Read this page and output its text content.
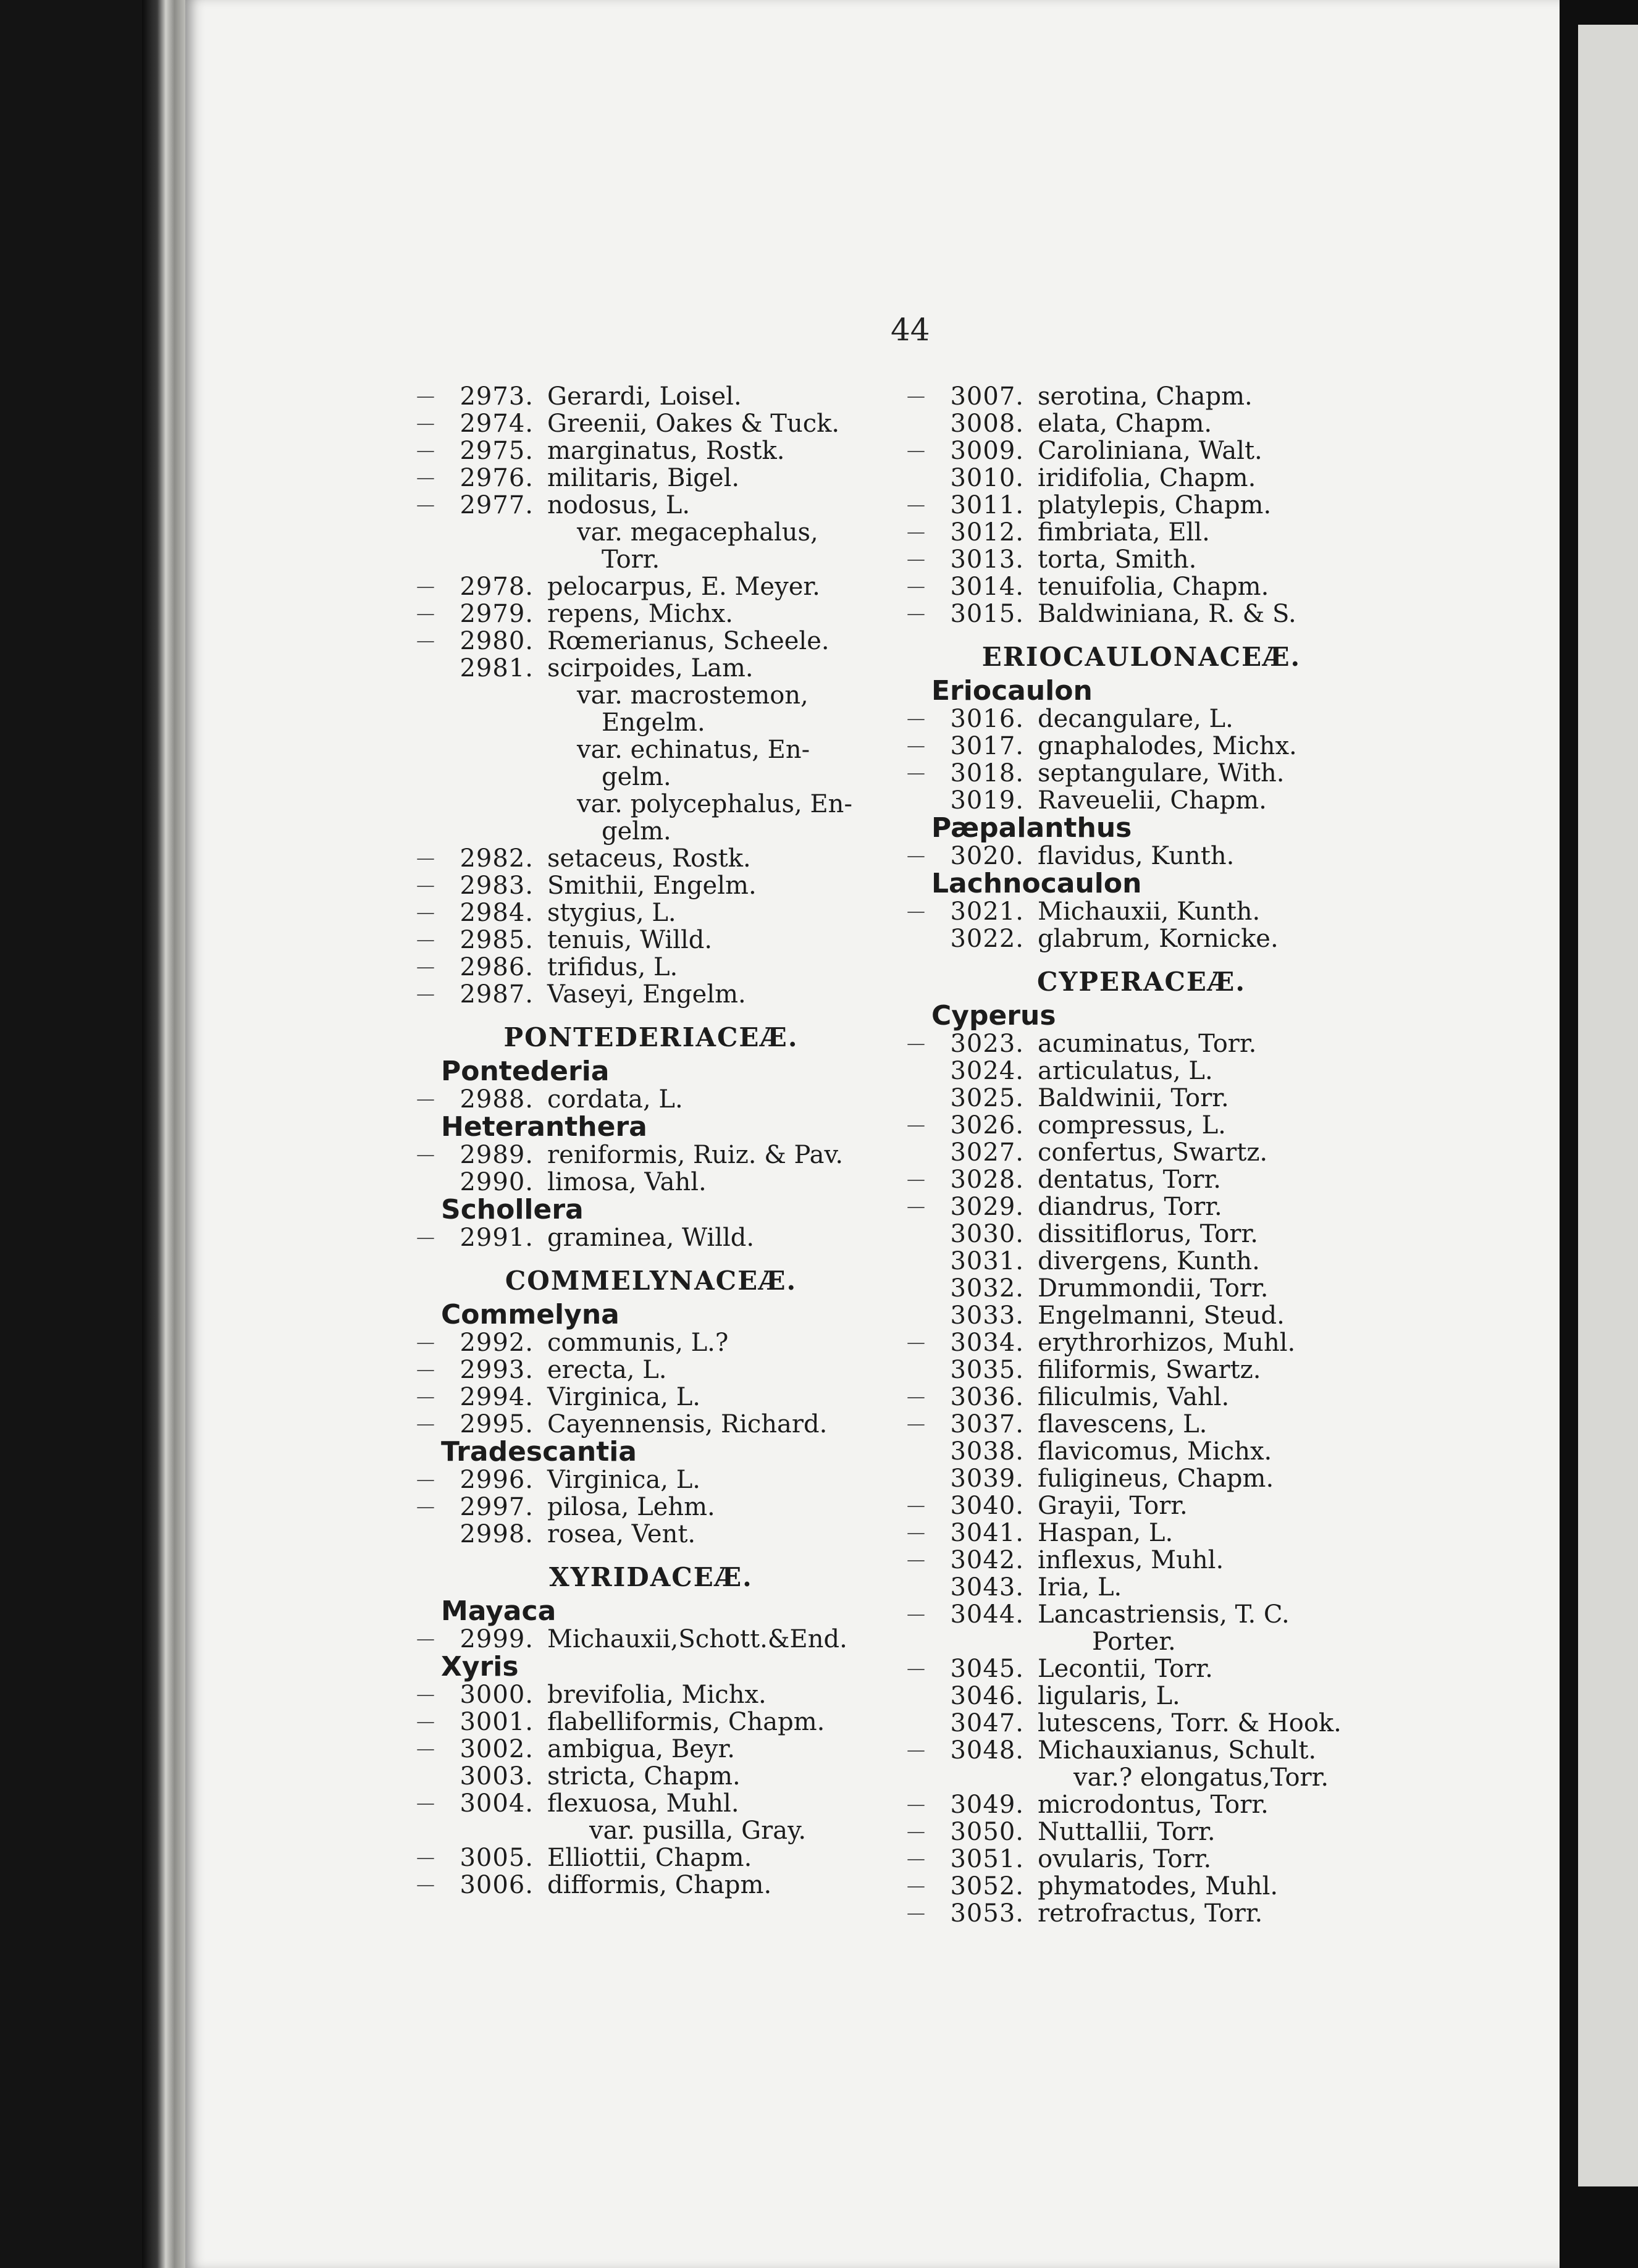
44
— 2973. Gerardi, Loisel.
— 2974. Greenii, Oakes & Tuck.
— 2975. marginatus, Rostk.
— 2976. militaris, Bigel.
— 2977. nodosus, L.
var. megacephalus,
Torr.
— 2978. pelocarpus, E. Meyer.
— 2979. repens, Michx.
— 2980. Rœmerianus, Scheele.
2981. scirpoides, Lam.
var. macrostemon,
Engelm.
var. echinatus, En-
gelm.
var. polycephalus, En-
gelm.
— 2982. setaceus, Rostk.
— 2983. Smithii, Engelm.
— 2984. stygius, L.
— 2985. tenuis, Willd.
— 2986. trifidus, L.
— 2987. Vaseyi, Engelm.
PONTEDERIACEÆ.
Pontederia
— 2988. cordata, L.
Heteranthera
— 2989. reniformis, Ruiz. & Pav.
2990. limosa, Vahl.
Schollera
— 2991. graminea, Willd.
COMMELYNACEÆ.
Commelyna
— 2992. communis, L.?
— 2993. erecta, L.
— 2994. Virginica, L.
— 2995. Cayennensis, Richard.
Tradescantia
— 2996. Virginica, L.
— 2997. pilosa, Lehm.
2998. rosea, Vent.
XYRIDACEÆ.
Mayaca
— 2999. Michauxii,Schott.&End.
Xyris
— 3000. brevifolia, Michx.
— 3001. flabelliformis, Chapm.
— 3002. ambigua, Beyr.
3003. stricta, Chapm.
— 3004. flexuosa, Muhl.
var. pusilla, Gray.
— 3005. Elliottii, Chapm.
— 3006. difformis, Chapm.
— 3007. serotina, Chapm.
3008. elata, Chapm.
— 3009. Caroliniana, Walt.
3010. iridifolia, Chapm.
— 3011. platylepis, Chapm.
— 3012. fimbriata, Ell.
— 3013. torta, Smith.
— 3014. tenuifolia, Chapm.
— 3015. Baldwiniana, R. & S.
ERIOCAULONACEÆ.
Eriocaulon
— 3016. decangulare, L.
— 3017. gnaphalodes, Michx.
— 3018. septangulare, With.
3019. Raveuelii, Chapm.
Pæpalanthus
— 3020. flavidus, Kunth.
Lachnocaulon
— 3021. Michauxii, Kunth.
3022. glabrum, Kornicke.
CYPERACEÆ.
Cyperus
— 3023. acuminatus, Torr.
3024. articulatus, L.
3025. Baldwinii, Torr.
— 3026. compressus, L.
3027. confertus, Swartz.
— 3028. dentatus, Torr.
— 3029. diandrus, Torr.
3030. dissitiflorus, Torr.
3031. divergens, Kunth.
3032. Drummondii, Torr.
3033. Engelmanni, Steud.
— 3034. erythrorhizos, Muhl.
3035. filiformis, Swartz.
— 3036. filiculmis, Vahl.
— 3037. flavescens, L.
3038. flavicomus, Michx.
3039. fuligineus, Chapm.
— 3040. Grayii, Torr.
— 3041. Haspan, L.
— 3042. inflexus, Muhl.
3043. Iria, L.
— 3044. Lancastriensis, T. C.
Porter.
— 3045. Lecontii, Torr.
3046. ligularis, L.
3047. lutescens, Torr. & Hook.
— 3048. Michauxianus, Schult.
var.? elongatus,Torr.
— 3049. microdontus, Torr.
— 3050. Nuttallii, Torr.
— 3051. ovularis, Torr.
— 3052. phymatodes, Muhl.
— 3053. retrofractus, Torr.
